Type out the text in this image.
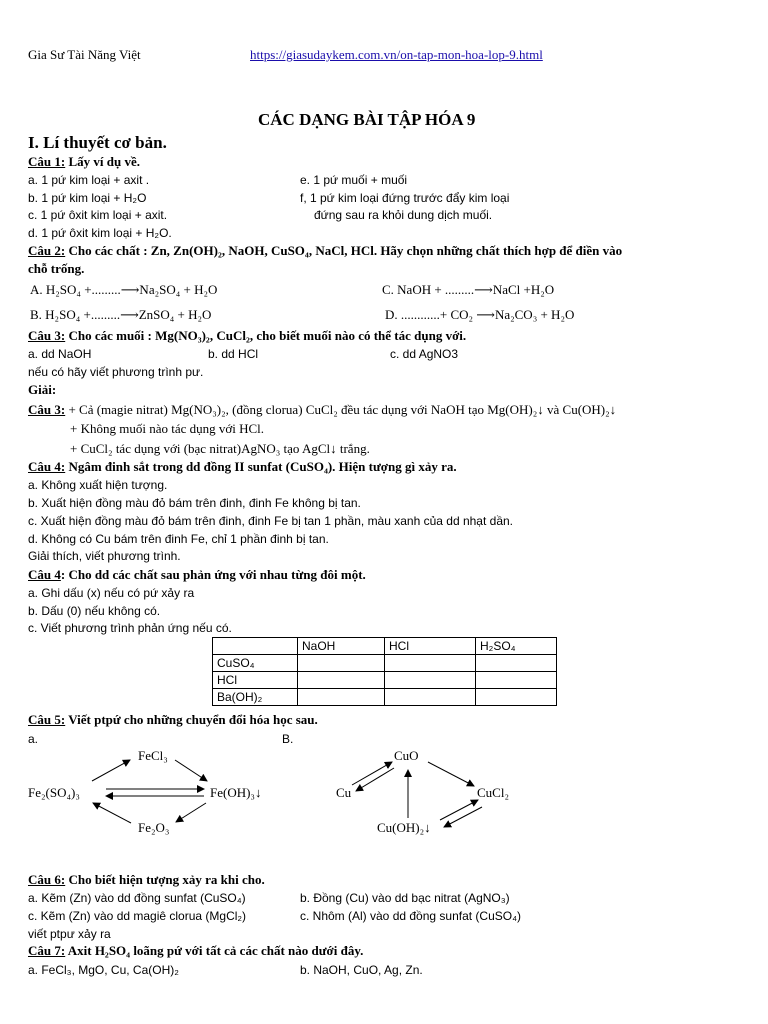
Gia Sư Tài Năng Việt	https://giasudaykem.com.vn/on-tap-mon-hoa-lop-9.html
CÁC DẠNG BÀI TẬP HÓA 9
I. Lí thuyết cơ bản.
Câu 1: Lấy ví dụ về.
a. 1 pứ kim loại + axit .
b. 1 pứ kim loại + H₂O
c. 1 pứ ôxit kim loại + axit.
d. 1 pứ ôxit kim loại + H₂O.
e. 1 pứ muối + muối
f, 1 pứ kim loại đứng trước đẩy kim loại
đứng sau ra khỏi dung dịch muối.
Câu 2: Cho các chất : Zn, Zn(OH)₂, NaOH, CuSO₄, NaCl, HCl. Hãy chọn những chất thích hợp để điền vào
chỗ trống.
A. H₂SO₄ +.........⟶Na₂SO₄ + H₂O	C. NaOH + .........⟶NaCl +H₂O
B. H₂SO₄ +.........⟶ZnSO₄ + H₂O	D. ............+ CO₂ ⟶Na₂CO₃ + H₂O
Câu 3: Cho các muối : Mg(NO₃)₂, CuCl₂, cho biết muối nào có thể tác dụng với.
a. dd NaOH	b. dd HCl	c. dd AgNO3
nếu có hãy viết phương trình pư.
Giải:
Câu 3: + Cả (magie nitrat) Mg(NO₃)₂, (đồng clorua) CuCl₂ đều tác dụng với NaOH tạo Mg(OH)₂↓ và Cu(OH)₂↓
+ Không muối nào tác dụng với HCl.
+ CuCl₂ tác dụng với (bạc nitrat)AgNO₃ tạo AgCl↓ trắng.
Câu 4: Ngâm đinh sắt trong dd đồng II sunfat (CuSO₄). Hiện tượng gì xảy ra.
a. Không xuất hiện tượng.
b. Xuất hiện đồng màu đỏ bám trên đinh, đinh Fe không bị tan.
c. Xuất hiện đồng màu đỏ bám trên đinh, đinh Fe bị tan 1 phần, màu xanh của dd nhạt dần.
d. Không có Cu bám trên đinh Fe, chỉ 1 phần đinh bị tan.
Giải thích, viết phương trình.
Câu 4: Cho dd các chất sau phản ứng với nhau từng đôi một.
a. Ghi dấu (x) nếu có pứ xảy ra
b. Dấu (0) nếu không có.
c. Viết phương trình phản ứng nếu có.
	NaOH	HCl	H₂SO₄
CuSO₄			
HCl			
Ba(OH)₂			
Câu 5: Viết ptpứ cho những chuyển đổi hóa học sau.
a.	B.
FeCl₃
Fe₂(SO₄)₃	Fe(OH)₃↓
Fe₂O₃
CuO
Cu	CuCl₂
Cu(OH)₂↓
Câu 6: Cho biết hiện tượng xảy ra khi cho.
a. Kẽm (Zn) vào dd đồng sunfat (CuSO₄)	b. Đồng (Cu) vào dd bạc nitrat (AgNO₃)
c. Kẽm (Zn) vào dd magiê clorua (MgCl₂)	c. Nhôm (Al) vào dd đồng sunfat (CuSO₄)
viết ptpư xảy ra
Câu 7: Axit H₂SO₄ loãng pứ với tất cả các chất nào dưới đây.
a. FeCl₃, MgO, Cu, Ca(OH)₂	b. NaOH, CuO, Ag, Zn.
